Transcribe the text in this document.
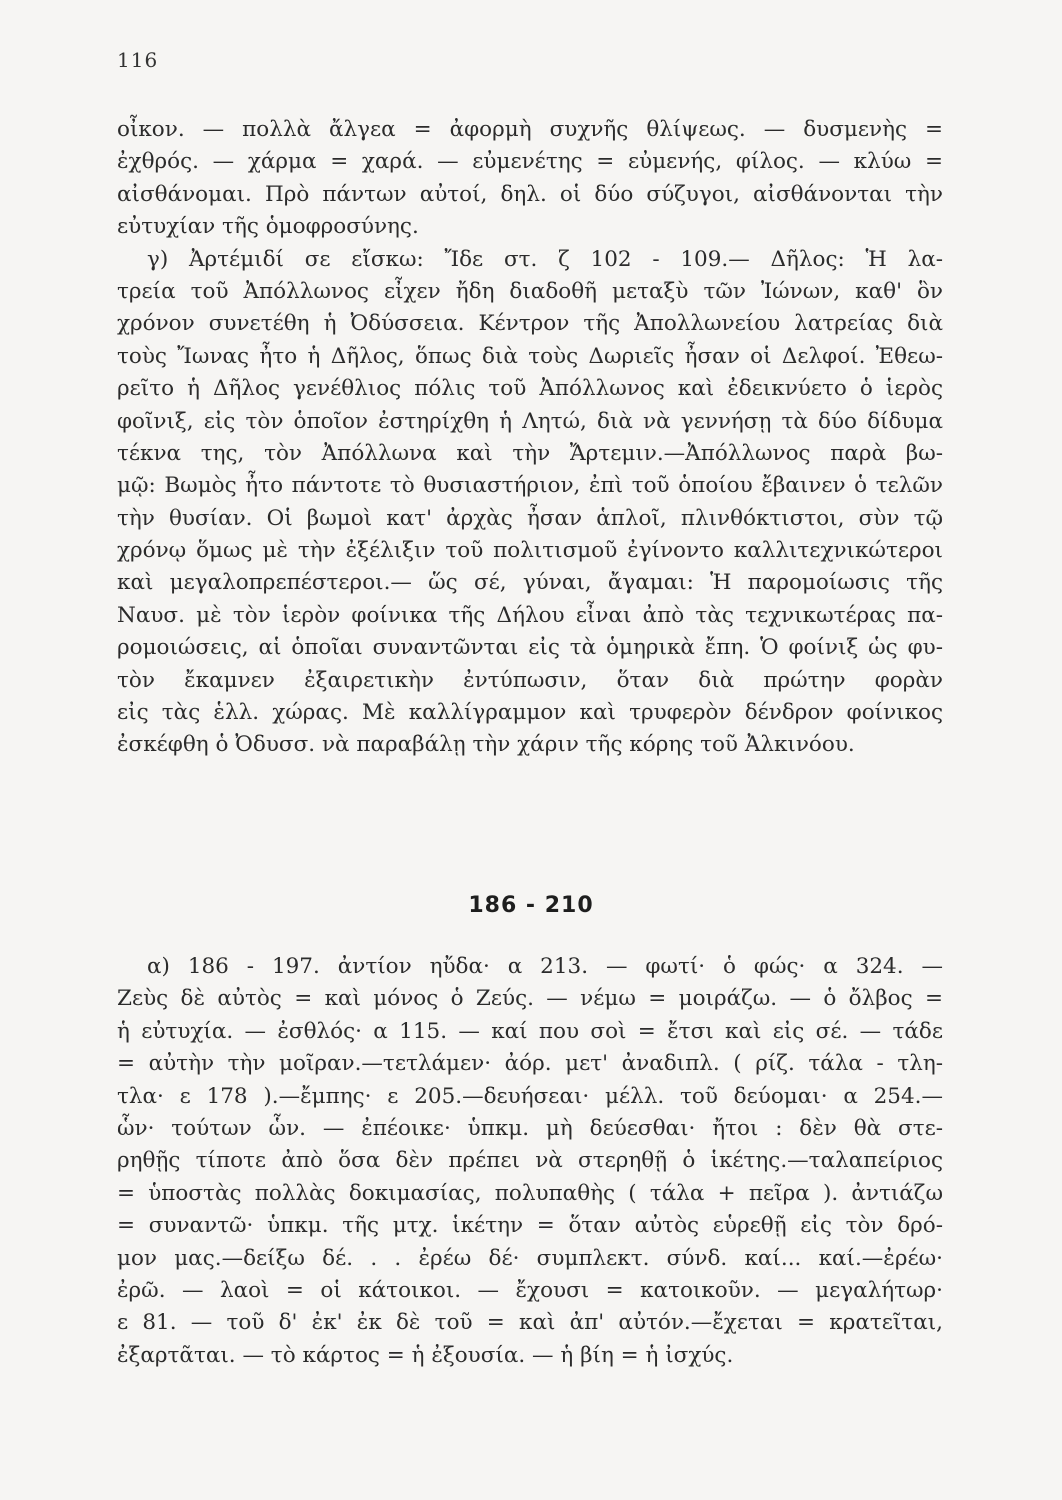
116
οἶκον. — πολλὰ ἄλγεα = ἀφορμὴ συχνῆς θλίψεως. — δυσμενὴς =
ἐχθρός. — χάρμα = χαρά. — εὐμενέτης = εὐμενής, φίλος. — κλύω =
αἰσθάνομαι. Πρὸ πάντων αὐτοί, δηλ. οἱ δύο σύζυγοι, αἰσθάνονται τὴν
εὐτυχίαν τῆς ὁμοφροσύνης.
γ) Ἀρτέμιδί σε εἴσκω: Ἴδε στ. ζ 102 - 109.— Δῆλος: Ἡ λα-
τρεία τοῦ Ἀπόλλωνος εἶχεν ἤδη διαδοθῆ μεταξὺ τῶν Ἰώνων, καθ' ὃν
χρόνον συνετέθη ἡ Ὀδύσσεια. Κέντρον τῆς Ἀπολλωνείου λατρείας διὰ
τοὺς Ἴωνας ἦτο ἡ Δῆλος, ὅπως διὰ τοὺς Δωριεῖς ἦσαν οἱ Δελφοί. Ἐθεω-
ρεῖτο ἡ Δῆλος γενέθλιος πόλις τοῦ Ἀπόλλωνος καὶ ἐδεικνύετο ὁ ἱερὸς
φοῖνιξ, εἰς τὸν ὁποῖον ἐστηρίχθη ἡ Λητώ, διὰ νὰ γεννήσῃ τὰ δύο δίδυμα
τέκνα της, τὸν Ἀπόλλωνα καὶ τὴν Ἄρτεμιν.—Ἀπόλλωνος παρὰ βω-
μῷ: Βωμὸς ἦτο πάντοτε τὸ θυσιαστήριον, ἐπὶ τοῦ ὁποίου ἔβαινεν ὁ τελῶν
τὴν θυσίαν. Οἱ βωμοὶ κατ' ἀρχὰς ἦσαν ἁπλοῖ, πλινθόκτιστοι, σὺν τῷ
χρόνῳ ὅμως μὲ τὴν ἐξέλιξιν τοῦ πολιτισμοῦ ἐγίνοντο καλλιτεχνικώτεροι
καὶ μεγαλοπρεπέστεροι.— ὥς σέ, γύναι, ἄγαμαι: Ἡ παρομοίωσις τῆς
Ναυσ. μὲ τὸν ἱερὸν φοίνικα τῆς Δήλου εἶναι ἀπὸ τὰς τεχνικωτέρας πα-
ρομοιώσεις, αἱ ὁποῖαι συναντῶνται εἰς τὰ ὁμηρικὰ ἔπη. Ὁ φοίνιξ ὡς φυ-
τὸν ἔκαμνεν ἐξαιρετικὴν ἐντύπωσιν, ὅταν διὰ πρώτην φορὰν
εἰς τὰς ἑλλ. χώρας. Μὲ καλλίγραμμον καὶ τρυφερὸν δένδρον φοίνικος
ἐσκέφθη ὁ Ὀδυσσ. νὰ παραβάλῃ τὴν χάριν τῆς κόρης τοῦ Ἀλκινόου.
186 - 210
α) 186 - 197. ἀντίον ηὔδα· α 213. — φωτί· ὁ φώς· α 324. —
Ζεὺς δὲ αὐτὸς = καὶ μόνος ὁ Ζεύς. — νέμω = μοιράζω. — ὁ ὄλβος =
ἡ εὐτυχία. — ἐσθλός· α 115. — καί που σοὶ = ἔτσι καὶ εἰς σέ. — τάδε
= αὐτὴν τὴν μοῖραν.—τετλάμεν· ἀόρ. μετ' ἀναδιπλ. ( ρίζ. τάλα - τλη-
τλα· ε 178 ).—ἔμπης· ε 205.—δευήσεαι· μέλλ. τοῦ δεύομαι· α 254.—
ὧν· τούτων ὧν. — ἐπέοικε· ὑπκμ. μὴ δεύεσθαι· ἤτοι : δὲν θὰ στε-
ρηθῇς τίποτε ἀπὸ ὅσα δὲν πρέπει νὰ στερηθῇ ὁ ἱκέτης.—ταλαπείριος
= ὑποστὰς πολλὰς δοκιμασίας, πολυπαθὴς ( τάλα + πεῖρα ). ἀντιάζω
= συναντῶ· ὑπκμ. τῆς μτχ. ἱκέτην = ὅταν αὐτὸς εὑρεθῇ εἰς τὸν δρό-
μον μας.—δείξω δέ. . . ἐρέω δέ· συμπλεκτ. σύνδ. καί... καί.—ἐρέω·
ἐρῶ. — λαοὶ = οἱ κάτοικοι. — ἔχουσι = κατοικοῦν. — μεγαλήτωρ·
ε 81. — τοῦ δ' ἐκ' ἐκ δὲ τοῦ = καὶ ἀπ' αὐτόν.—ἔχεται = κρατεῖται,
ἐξαρτᾶται. — τὸ κάρτος = ἡ ἐξουσία. — ἡ βίη = ἡ ἰσχύς.
